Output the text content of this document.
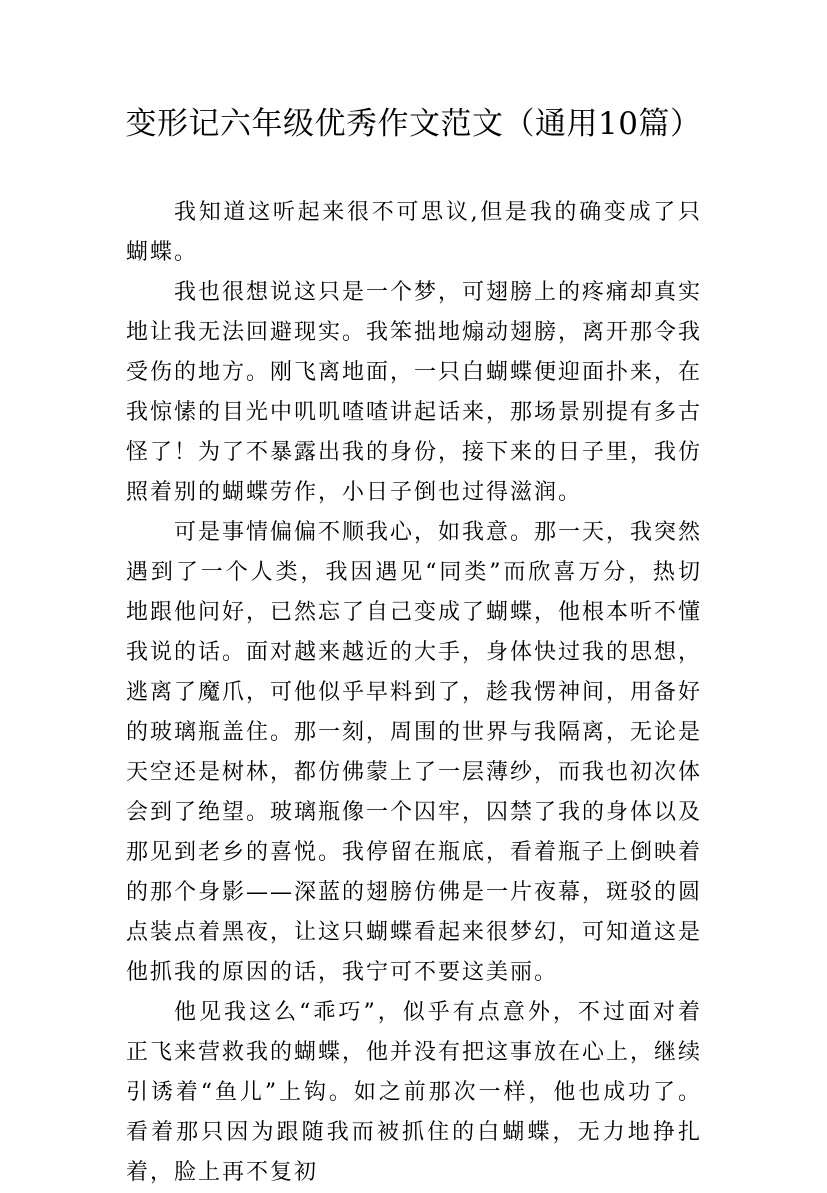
变形记六年级优秀作文范文（通用10篇）

我知道这听起来很不可思议,但是我的确变成了只蝴蝶。

我也很想说这只是一个梦，可翅膀上的疼痛却真实地让我无法回避现实。我笨拙地煽动翅膀，离开那令我受伤的地方。刚飞离地面，一只白蝴蝶便迎面扑来，在我惊愫的目光中叽叽喳喳讲起话来，那场景别提有多古怪了！为了不暴露出我的身份，接下来的日子里，我仿照着别的蝴蝶劳作，小日子倒也过得滋润。

可是事情偏偏不顺我心，如我意。那一天，我突然遇到了一个人类，我因遇见“同类”而欣喜万分，热切地跟他问好，已然忘了自己变成了蝴蝶，他根本听不懂我说的话。面对越来越近的大手，身体快过我的思想，逃离了魔爪，可他似乎早料到了，趁我愣神间，用备好的玻璃瓶盖住。那一刻，周围的世界与我隔离，无论是天空还是树林，都仿佛蒙上了一层薄纱，而我也初次体会到了绝望。玻璃瓶像一个囚牢，囚禁了我的身体以及那见到老乡的喜悦。我停留在瓶底，看着瓶子上倒映着的那个身影——深蓝的翅膀仿佛是一片夜幕，斑驳的圆点装点着黑夜，让这只蝴蝶看起来很梦幻，可知道这是他抓我的原因的话，我宁可不要这美丽。

他见我这么“乖巧”，似乎有点意外，不过面对着正飞来营救我的蝴蝶，他并没有把这事放在心上，继续引诱着“鱼儿”上钩。如之前那次一样，他也成功了。看着那只因为跟随我而被抓住的白蝴蝶，无力地挣扎着，脸上再不复初
